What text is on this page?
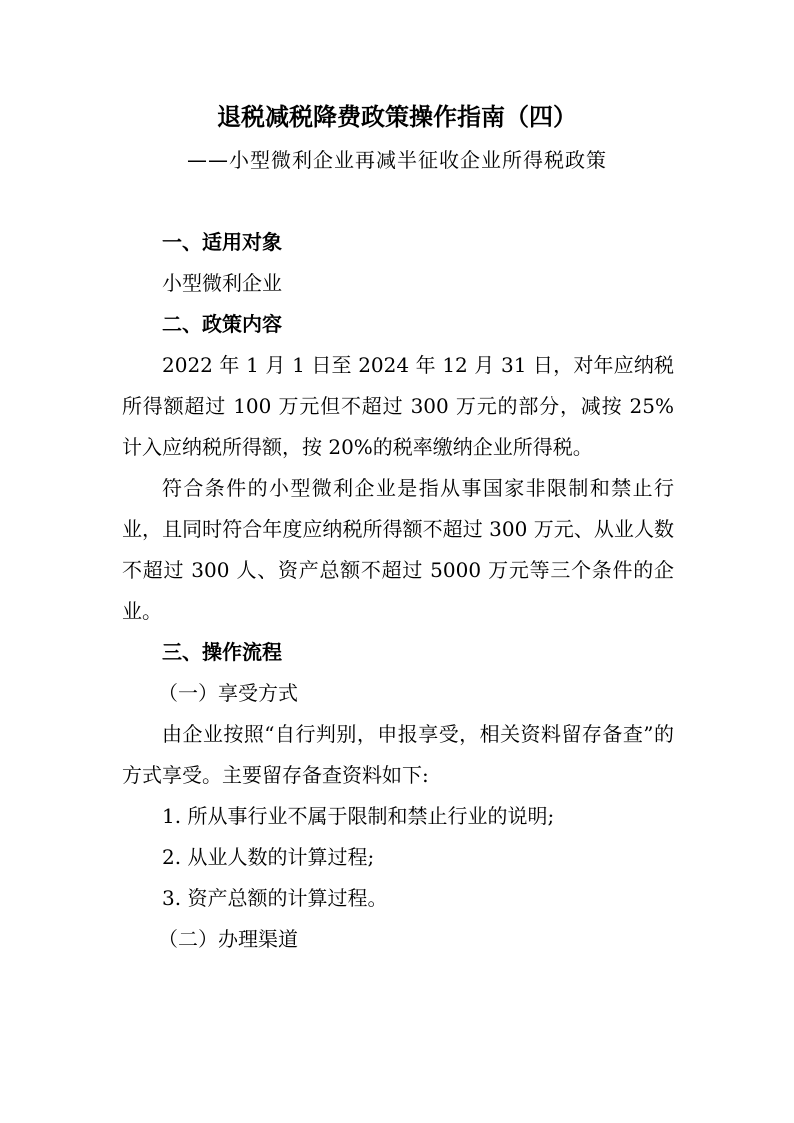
退税减税降费政策操作指南（四）
——小型微利企业再减半征收企业所得税政策

一、适用对象

小型微利企业

二、政策内容

2022 年 1 月 1 日至 2024 年 12 月 31 日，对年应纳税所得额超过 100 万元但不超过 300 万元的部分，减按 25%计入应纳税所得额，按 20%的税率缴纳企业所得税。

符合条件的小型微利企业是指从事国家非限制和禁止行业，且同时符合年度应纳税所得额不超过 300 万元、从业人数不超过 300 人、资产总额不超过 5000 万元等三个条件的企业。

三、操作流程

（一）享受方式

由企业按照“自行判别，申报享受，相关资料留存备查”的方式享受。主要留存备查资料如下:

1. 所从事行业不属于限制和禁止行业的说明;

2. 从业人数的计算过程;

3. 资产总额的计算过程。

（二）办理渠道
